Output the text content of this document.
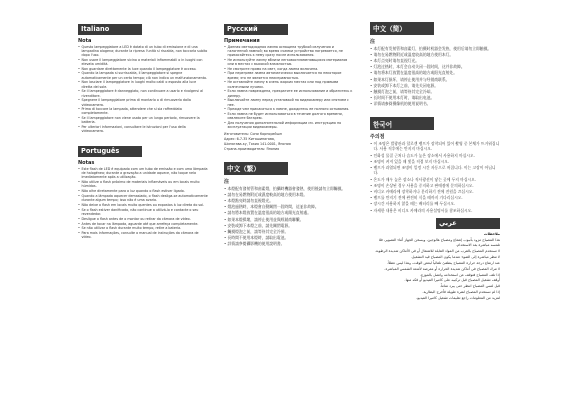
Italiano
Nota

• Questo lampeggiatore a LED è dotato di un tubo di emissione e di una lampadina alogena; durante la ripresa l'unità si riscalda, non toccarla subito dopo l'uso.

• Non usare il lampeggiatore vicino a materiali infiammabili o in luoghi con elevata umidità.

• Non guardare direttamente la luce quando il lampeggiatore è acceso.

• Quando la lampada si surriscalda, il lampeggiatore si spegne automaticamente per un certo tempo; ciò non indica un malfunzionamento.

• Non lasciare il lampeggiatore in luoghi molto caldi o esposto alla luce diretta del sole.

• Se il lampeggiatore è danneggiato, non continuare a usarlo e rivolgersi al rivenditore.

• Spegnere il lampeggiatore prima di montarlo o di rimuoverlo dalla videocamera.

• Prima di toccare la lampada, attendere che si sia raffreddata completamente.

• Se il lampeggiatore non viene usato per un lungo periodo, rimuovere la batteria.

• Per ulteriori informazioni, consultare le istruzioni per l'uso della videocamera.

Português
Notas

• Este flash de LED é equipado com um tubo de emissão e com uma lâmpada de halogéneo; durante a gravação a unidade aquece, não toque nela imediatamente após a utilização.

• Não utilize o flash próximo de materiais inflamáveis ou em locais muito húmidos.

• Não olhe diretamente para a luz quando o flash estiver ligado.

• Quando a lâmpada aquecer demasiado, o flash desliga-se automaticamente durante algum tempo; isso não é uma avaria.

• Não deixe o flash em locais muito quentes ou expostos à luz direta do sol.

• Se o flash estiver danificado, não continue a utilizá-lo e contacte o seu revendedor.

• Desligue o flash antes de o montar ou retirar da câmara de vídeo.

• Antes de tocar na lâmpada, aguarde até que arrefeça completamente.

• Se não utilizar o flash durante muito tempo, retire a bateria.

• Para mais informações, consulte o manual de instruções da câmara de vídeo.

Русский
Примечания

• Данная светодиодная лампа оснащена трубкой излучения и галогенной лампой; во время съемки устройство нагревается, не прикасайтесь к нему сразу после использования.

• Не используйте лампу вблизи легковоспламеняющихся материалов или в местах с высокой влажностью.

• Не смотрите прямо на свет, когда лампа включена.

• При перегреве лампа автоматически выключается на некоторое время; это не является неисправностью.

• Не оставляйте лампу в очень жарких местах или под прямыми солнечными лучами.

• Если лампа повреждена, прекратите ее использование и обратитесь к дилеру.

• Выключайте лампу перед установкой на видеокамеру или снятием с нее.

• Прежде чем прикасаться к лампе, дождитесь ее полного остывания.

• Если лампа не будет использоваться в течение долгого времени, извлеките батарею.

• Для получения дополнительной информации см. инструкцию по эксплуатации видеокамеры.

Изготовитель: Сони Корпорейшн

Адрес: 6-7-35 Киташинагава,

Шинагава-ку, Токио 141-0001, Япония

Страна-производитель: Япония

中文（繁）
注

• 本燈配有發射管和鹵素燈，拍攝時機器會發熱，使用後請勿立即觸摸。

• 請勿在易燃物附近或濕度較高的地方使用本燈。

• 本燈點亮時請勿直視燈光。

• 燈泡過熱時，本燈會自動關閉一段時間，這並非故障。

• 請勿將本燈放置在溫度很高的地方或陽光直射處。

• 如果本燈損壞，請停止使用並與經銷商聯繫。

• 安裝或卸下本燈之前，請先關閉電源。

• 觸摸燈泡之前，請等待其完全冷卻。

• 長時間不使用本燈時，請取出電池。

• 詳情請參閱攝影機的使用說明書。

中文（简）
注

• 本灯配有发射管和卤素灯，拍摄时机器会发热，使用后请勿立即触摸。

• 请勿在易燃物附近或湿度较高的地方使用本灯。

• 本灯点亮时请勿直视灯光。

• 灯泡过热时，本灯会自动关闭一段时间，这并非故障。

• 请勿将本灯放置在温度很高的地方或阳光直射处。

• 如果本灯损坏，请停止使用并与经销商联系。

• 安装或卸下本灯之前，请先关闭电源。

• 触摸灯泡之前，请等待其完全冷却。

• 长时间不使用本灯时，请取出电池。

• 详情请参阅摄像机的使用说明书。

한국어
주의점

• 이 조명은 발광관과 할로겐 램프가 장착되어 있어 촬영 중 본체가 뜨거워집니다. 사용 직후에는 만지지 마십시오.

• 인화성 물질 근처나 습도가 높은 장소에서 사용하지 마십시오.

• 조명이 켜져 있을 때 빛을 직접 보지 마십시오.

• 램프가 과열되면 조명이 일정 시간 자동으로 꺼집니다. 이는 고장이 아닙니다.

• 온도가 매우 높은 장소나 직사광선이 닿는 곳에 두지 마십시오.

• 조명이 손상된 경우 사용을 중지하고 판매점에 문의하십시오.

• 비디오 카메라에 장착하거나 분리하기 전에 전원을 끄십시오.

• 램프를 만지기 전에 완전히 식을 때까지 기다리십시오.

• 장시간 사용하지 않을 때는 배터리를 빼 두십시오.

• 자세한 내용은 비디오 카메라의 사용설명서를 참조하십시오.

عربي
ملاحظات

هذا المصباح مزود بأنبوب إشعاع ومصباح هالوجين، ويسخن الجهاز أثناء التصوير، فلا تلمسه مباشرة بعد الاستخدام.

لا تستخدم المصباح بالقرب من المواد القابلة للاشتعال أو في الأماكن شديدة الرطوبة.

لا تنظر مباشرة إلى الضوء عندما يكون المصباح قيد التشغيل.

عند ارتفاع درجة حرارة المصباح ينطفئ تلقائياً لبعض الوقت، وهذا ليس عطلاً.

لا تترك المصباح في أماكن شديدة الحرارة أو معرضة لأشعة الشمس المباشرة.

إذا تلف المصباح فتوقف عن استخدامه واتصل بالموزع.

أوقف تشغيل المصباح قبل تركيبه على كاميرا الفيديو أو فكه منها.

قبل لمس المصباح انتظر حتى يبرد تماماً.

إذا لم تستخدم المصباح لفترة طويلة فأخرج البطارية.

لمزيد من المعلومات راجع تعليمات تشغيل كاميرا الفيديو.
